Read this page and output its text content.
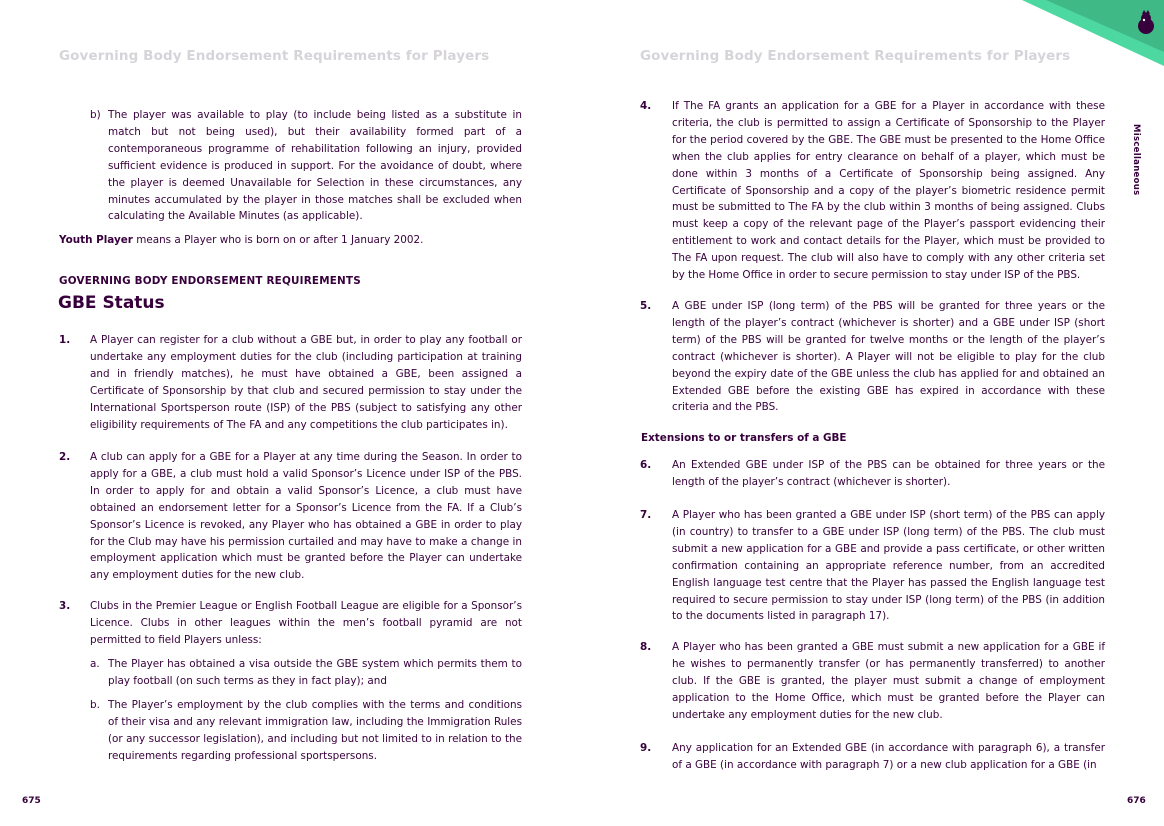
Governing Body Endorsement Requirements for Players
b) The player was available to play (to include being listed as a substitute in match but not being used), but their availability formed part of a contemporaneous programme of rehabilitation following an injury, provided sufficient evidence is produced in support. For the avoidance of doubt, where the player is deemed Unavailable for Selection in these circumstances, any minutes accumulated by the player in those matches shall be excluded when calculating the Available Minutes (as applicable).

Youth Player means a Player who is born on or after 1 January 2002.

GOVERNING BODY ENDORSEMENT REQUIREMENTS
GBE Status
1. A Player can register for a club without a GBE but, in order to play any football or undertake any employment duties for the club (including participation at training and in friendly matches), he must have obtained a GBE, been assigned a Certificate of Sponsorship by that club and secured permission to stay under the International Sportsperson route (ISP) of the PBS (subject to satisfying any other eligibility requirements of The FA and any competitions the club participates in).

2. A club can apply for a GBE for a Player at any time during the Season. In order to apply for a GBE, a club must hold a valid Sponsor’s Licence under ISP of the PBS. In order to apply for and obtain a valid Sponsor’s Licence, a club must have obtained an endorsement letter for a Sponsor’s Licence from the FA. If a Club’s Sponsor’s Licence is revoked, any Player who has obtained a GBE in order to play for the Club may have his permission curtailed and may have to make a change in employment application which must be granted before the Player can undertake any employment duties for the new club.

3. Clubs in the Premier League or English Football League are eligible for a Sponsor’s Licence. Clubs in other leagues within the men’s football pyramid are not permitted to field Players unless:

a. The Player has obtained a visa outside the GBE system which permits them to play football (on such terms as they in fact play); and

b. The Player’s employment by the club complies with the terms and conditions of their visa and any relevant immigration law, including the Immigration Rules (or any successor legislation), and including but not limited to in relation to the requirements regarding professional sportspersons.

675
Governing Body Endorsement Requirements for Players
4. If The FA grants an application for a GBE for a Player in accordance with these criteria, the club is permitted to assign a Certificate of Sponsorship to the Player for the period covered by the GBE. The GBE must be presented to the Home Office when the club applies for entry clearance on behalf of a player, which must be done within 3 months of a Certificate of Sponsorship being assigned. Any Certificate of Sponsorship and a copy of the player’s biometric residence permit must be submitted to The FA by the club within 3 months of being assigned. Clubs must keep a copy of the relevant page of the Player’s passport evidencing their entitlement to work and contact details for the Player, which must be provided to The FA upon request. The club will also have to comply with any other criteria set by the Home Office in order to secure permission to stay under ISP of the PBS.

5. A GBE under ISP (long term) of the PBS will be granted for three years or the length of the player’s contract (whichever is shorter) and a GBE under ISP (short term) of the PBS will be granted for twelve months or the length of the player’s contract (whichever is shorter). A Player will not be eligible to play for the club beyond the expiry date of the GBE unless the club has applied for and obtained an Extended GBE before the existing GBE has expired in accordance with these criteria and the PBS.

Extensions to or transfers of a GBE
6. An Extended GBE under ISP of the PBS can be obtained for three years or the length of the player’s contract (whichever is shorter).

7. A Player who has been granted a GBE under ISP (short term) of the PBS can apply (in country) to transfer to a GBE under ISP (long term) of the PBS. The club must submit a new application for a GBE and provide a pass certificate, or other written confirmation containing an appropriate reference number, from an accredited English language test centre that the Player has passed the English language test required to secure permission to stay under ISP (long term) of the PBS (in addition to the documents listed in paragraph 17).

8. A Player who has been granted a GBE must submit a new application for a GBE if he wishes to permanently transfer (or has permanently transferred) to another club. If the GBE is granted, the player must submit a change of employment application to the Home Office, which must be granted before the Player can undertake any employment duties for the new club.

9. Any application for an Extended GBE (in accordance with paragraph 6), a transfer of a GBE (in accordance with paragraph 7) or a new club application for a GBE (in

Miscellaneous
676
